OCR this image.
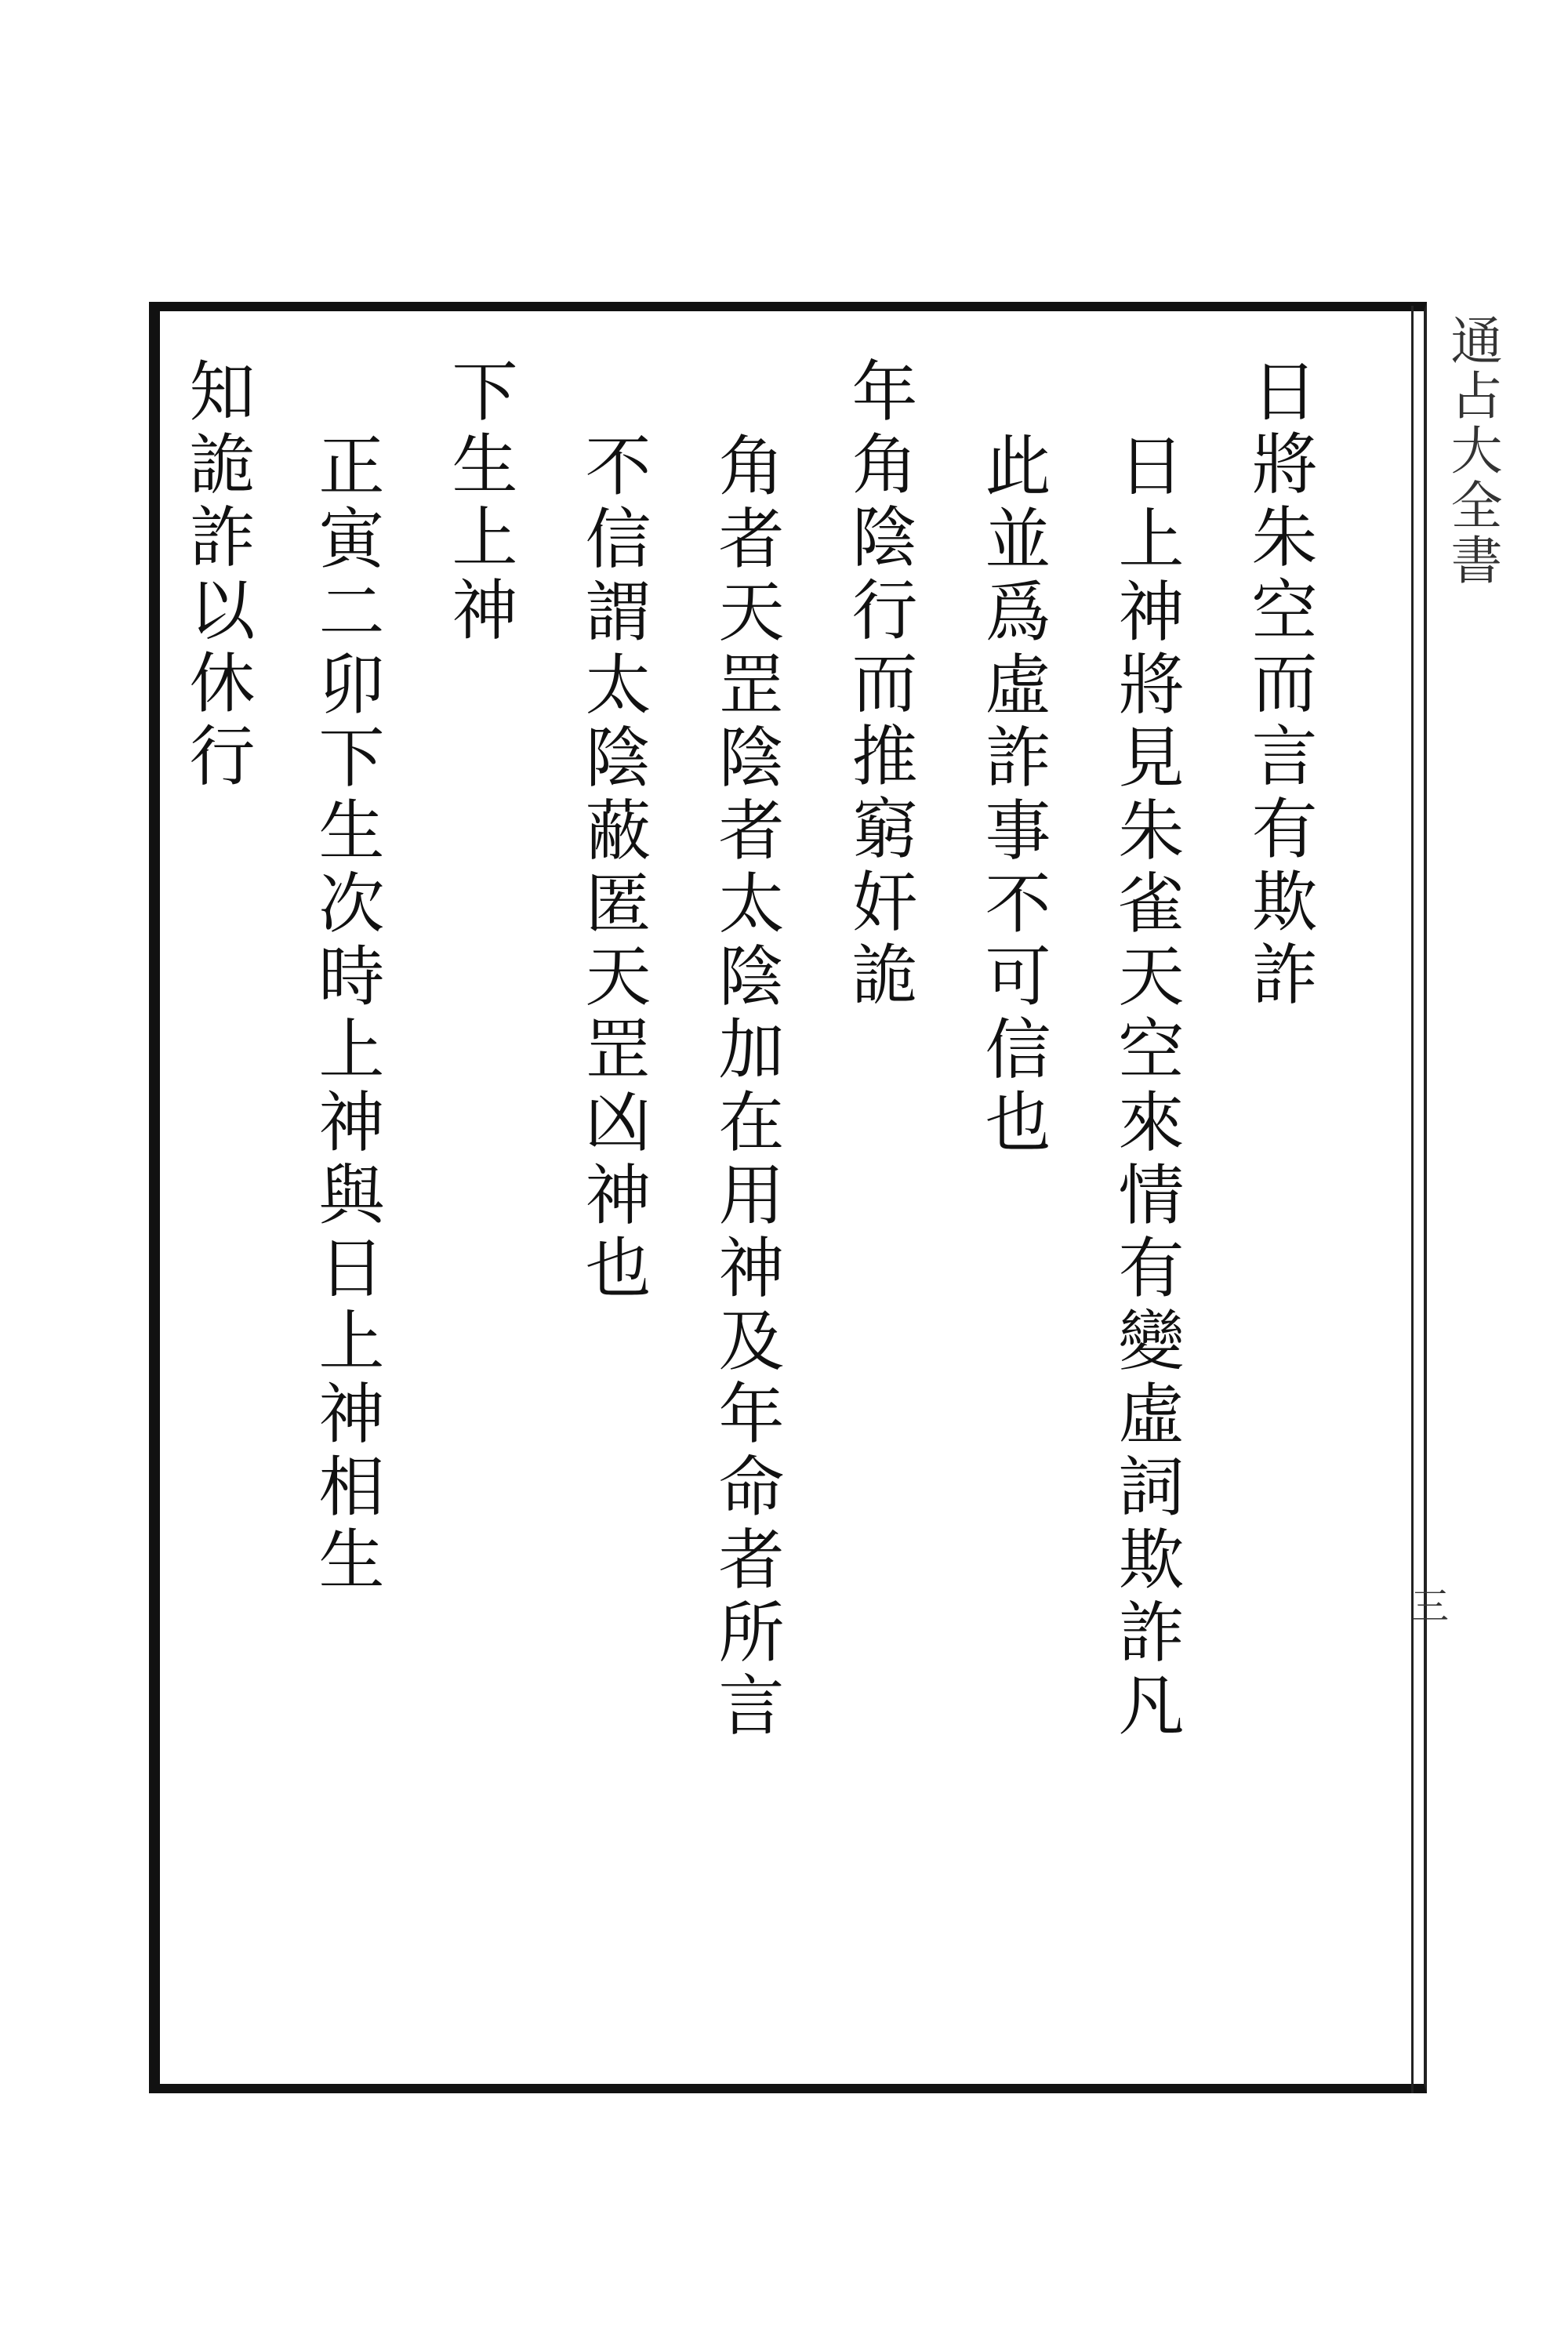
通占大全書
三
日將朱空而言有欺詐
日上神將見朱雀天空來情有變虛詞欺詐凡
此並爲虛詐事不可信也
年角陰行而推窮奸詭
角者天罡陰者太陰加在用神及年命者所言
不信謂太陰蔽匿天罡凶神也
下生上神
正寅二卯下生次時上神與日上神相生
知詭詐以休行
